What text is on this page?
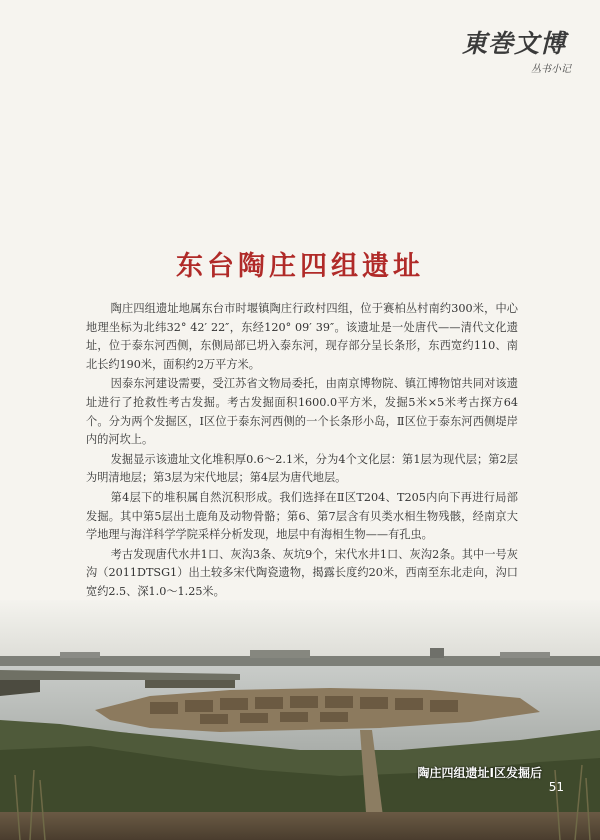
東巻文博
丛书小记
东台陶庄四组遗址

陶庄四组遗址地属东台市时堰镇陶庄行政村四组，位于赛柏丛村南约300米，中心地理坐标为北纬32° 42′ 22″，东经120° 09′ 39″。该遗址是一处唐代——清代文化遗址，位于泰东河西侧，东侧局部已坍入泰东河，现存部分呈长条形，东西宽约110、南北长约190米，面积约2万平方米。

因泰东河建设需要，受江苏省文物局委托，由南京博物院、镇江博物馆共同对该遗址进行了抢救性考古发掘。考古发掘面积1600.0平方米，发掘5米×5米考古探方64个。分为两个发掘区，Ⅰ区位于泰东河西侧的一个长条形小岛，Ⅱ区位于泰东河西侧堤岸内的河坎上。

发掘显示该遗址文化堆积厚0.6～2.1米，分为4个文化层：第1层为现代层；第2层为明清地层；第3层为宋代地层；第4层为唐代地层。

第4层下的堆积属自然沉积形成。我们选择在Ⅱ区T204、T205内向下再进行局部发掘。其中第5层出土鹿角及动物骨骼；第6、第7层含有贝类水相生物残骸，经南京大学地理与海洋科学学院采样分析发现，地层中有海相生物——有孔虫。

考古发现唐代水井1口、灰沟3条、灰坑9个，宋代水井1口、灰沟2条。其中一号灰沟（2011DTSG1）出土较多宋代陶瓷遗物，揭露长度约20米，西南至东北走向，沟口宽约2.5、深1.0～1.25米。

陶庄四组遗址Ⅰ区发掘后
51
